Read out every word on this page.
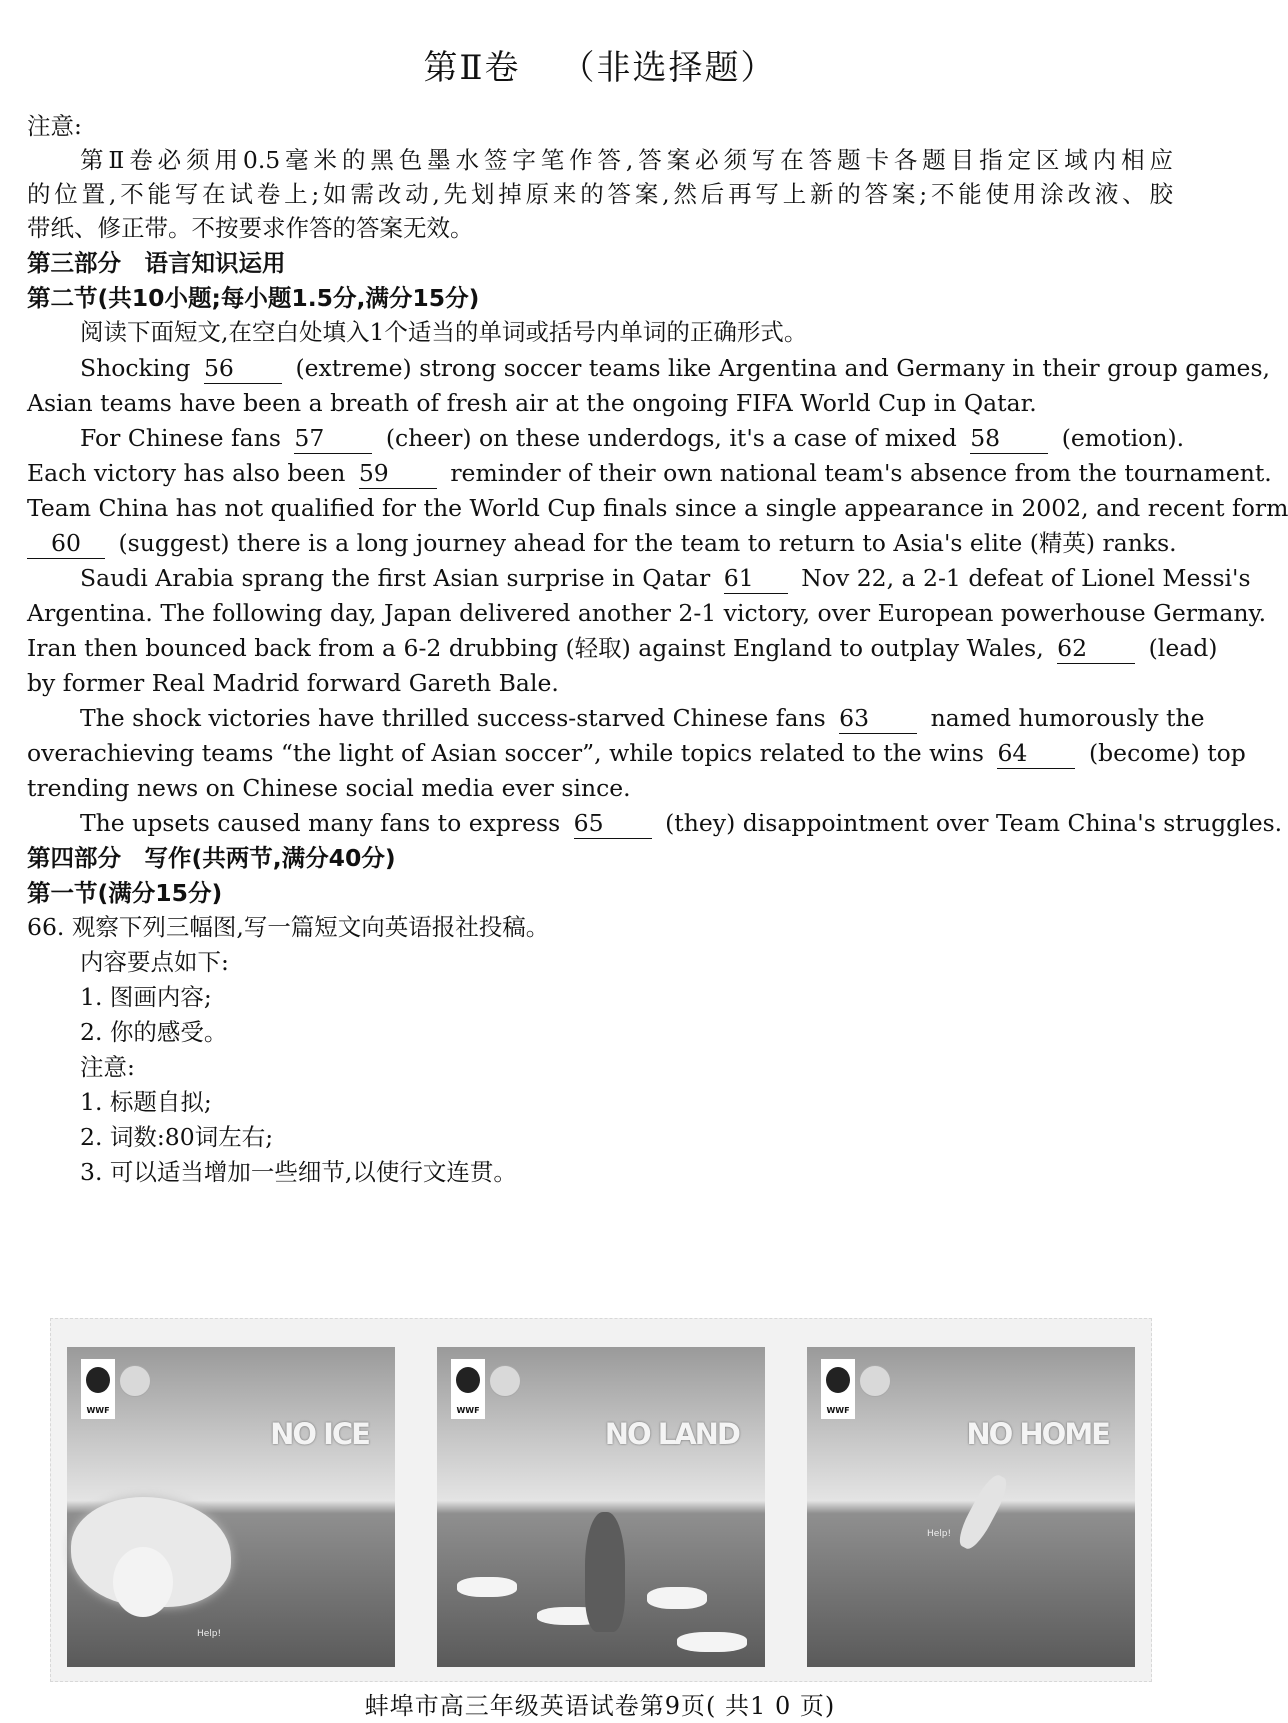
第Ⅱ卷 （非选择题）
注意:
第Ⅱ卷必须用0.5毫米的黑色墨水签字笔作答,答案必须写在答题卡各题目指定区域内相应
的位置,不能写在试卷上;如需改动,先划掉原来的答案,然后再写上新的答案;不能使用涂改液、胶
带纸、修正带。不按要求作答的答案无效。
第三部分　语言知识运用
第二节(共10小题;每小题1.5分,满分15分)
阅读下面短文,在空白处填入1个适当的单词或括号内单词的正确形式。
Shocking 56	(extreme) strong soccer teams like Argentina and Germany in their group games,
Asian teams have been a breath of fresh air at the ongoing FIFA World Cup in Qatar.
For Chinese fans 57	(cheer) on these underdogs, it's a case of mixed 58	(emotion).
Each victory has also been 59	reminder of their own national team's absence from the tournament.
Team China has not qualified for the World Cup finals since a single appearance in 2002, and recent form
60 (suggest) there is a long journey ahead for the team to return to Asia's elite (精英) ranks.
Saudi Arabia sprang the first Asian surprise in Qatar 61 Nov 22, a 2-1 defeat of Lionel Messi's
Argentina. The following day, Japan delivered another 2-1 victory, over European powerhouse Germany.
Iran then bounced back from a 6-2 drubbing (轻取) against England to outplay Wales, 62	(lead)
by former Real Madrid forward Gareth Bale.
The shock victories have thrilled success-starved Chinese fans 63	named humorously the
overachieving teams “the light of Asian soccer”, while topics related to the wins 64	(become) top
trending news on Chinese social media ever since.
The upsets caused many fans to express 65	(they) disappointment over Team China's struggles.
第四部分　写作(共两节,满分40分)
第一节(满分15分)
66. 观察下列三幅图,写一篇短文向英语报社投稿。
内容要点如下:
1. 图画内容;
2. 你的感受。
注意:
1. 标题自拟;
2. 词数:80词左右;
3. 可以适当增加一些细节,以使行文连贯。
WWF
NO ICE
Help!
WWF
NO LAND
WWF
NO HOME
Help!
蚌埠市高三年级英语试卷第9页( 共1 0 页)
